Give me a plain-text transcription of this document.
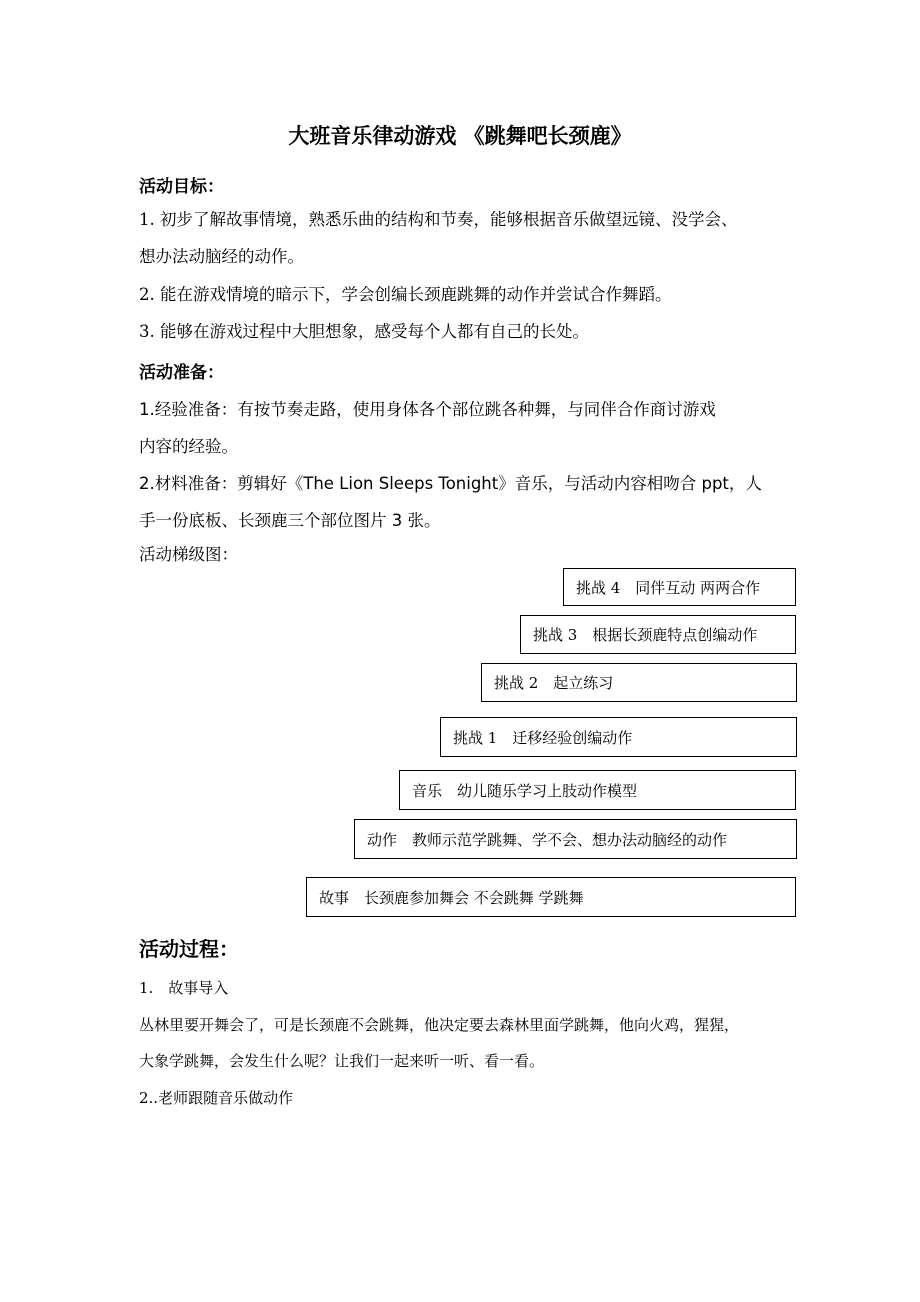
大班音乐律动游戏 《跳舞吧长颈鹿》
活动目标：
1. 初步了解故事情境，熟悉乐曲的结构和节奏，能够根据音乐做望远镜、没学会、
想办法动脑经的动作。
2. 能在游戏情境的暗示下，学会创编长颈鹿跳舞的动作并尝试合作舞蹈。
3. 能够在游戏过程中大胆想象，感受每个人都有自己的长处。
活动准备：
1.经验准备：有按节奏走路，使用身体各个部位跳各种舞，与同伴合作商讨游戏
内容的经验。
2.材料准备：剪辑好《The Lion Sleeps Tonight》音乐，与活动内容相吻合 ppt，人
手一份底板、长颈鹿三个部位图片 3 张。
活动梯级图：
挑战 4　同伴互动 两两合作
挑战 3　根据长颈鹿特点创编动作
挑战 2　起立练习
挑战 1　迁移经验创编动作
音乐　幼儿随乐学习上肢动作模型
动作　教师示范学跳舞、学不会、想办法动脑经的动作
故事　长颈鹿参加舞会 不会跳舞 学跳舞
活动过程：
1.　故事导入
丛林里要开舞会了，可是长颈鹿不会跳舞，他决定要去森林里面学跳舞，他向火鸡，猩猩，
大象学跳舞，会发生什么呢？让我们一起来听一听、看一看。
2..老师跟随音乐做动作
